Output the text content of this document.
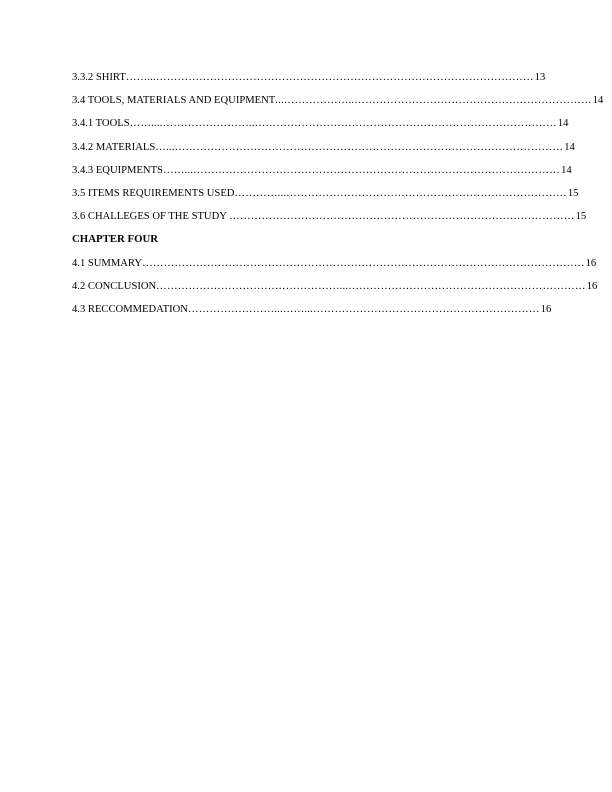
3.3.2 SHIRT ……...…………………………………………………………………………………………… 13
3.4 TOOLS, MATERIALS AND EQUIPMENT ...………………..………………………………………………………… 14
3.4.1 TOOLS ……....……………………..………………………………………………………………………… 14
3.4.2 MATERIALS …...……………………………………………………………………………………………… 14
3.4.3 EQUIPMENTS ……...………………………………………………………………………………………… 14
3.5 ITEMS REQUIREMENTS USED …………...…………………………………………………………………… 15
3.6 CHALLEGES OF THE STUDY …………………………………………………………………………………… 15
CHAPTER FOUR
4.1 SUMMARY …………………………………………………………………………………………………………… 16
4.2 CONCLUSION ……………………………………………...………………………………………………………… 16
4.3 RECCOMMEDATION ……………………...……...……………………………………………………… 16
